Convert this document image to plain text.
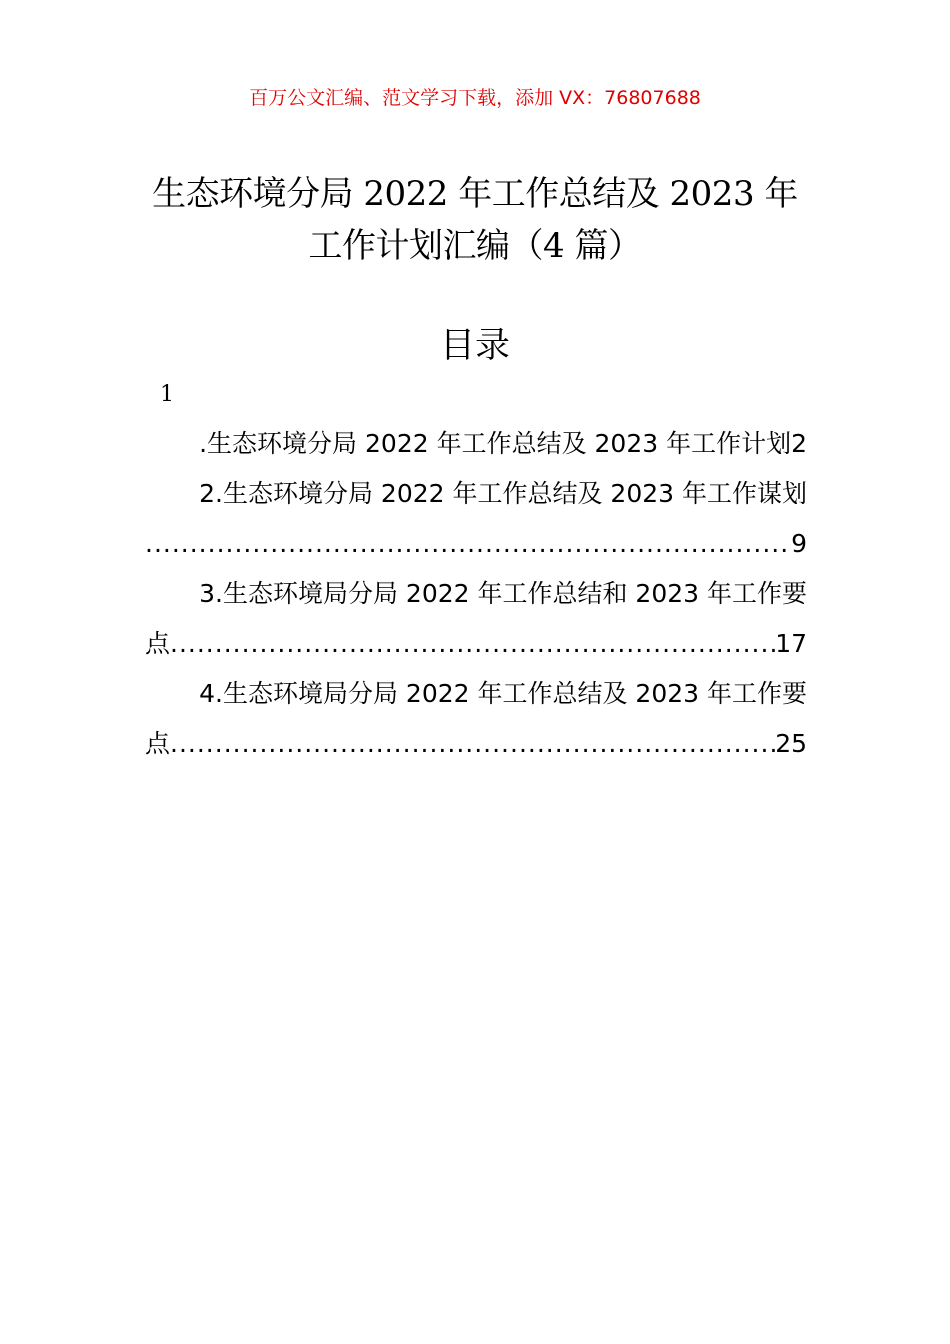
百万公文汇编、范文学习下载，添加 VX：76807688
生态环境分局 2022 年工作总结及 2023 年工作计划汇编（4 篇）
目录
1
.生态环境分局 2022 年工作总结及 2023 年工作计划2
2.生态环境分局 2022 年工作总结及 2023 年工作谋划
.....
9
3.生态环境局分局 2022 年工作总结和 2023 年工作要
点 .....	17
4.生态环境局分局 2022 年工作总结及 2023 年工作要
点 .....	25
